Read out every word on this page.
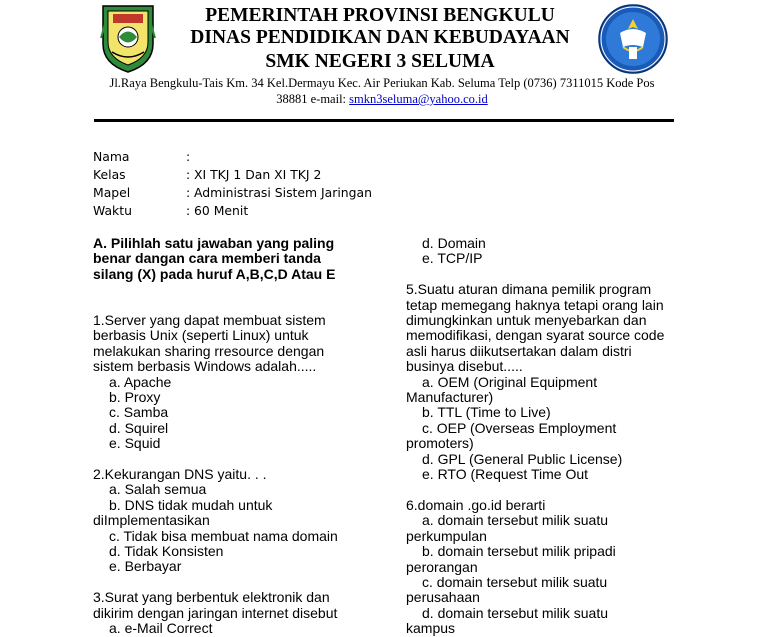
PEMERINTAH PROVINSI BENGKULU
DINAS PENDIDIKAN DAN KEBUDAYAAN
SMK NEGERI 3 SELUMA
Jl.Raya Bengkulu-Tais Km. 34 Kel.Dermayu Kec. Air Periukan Kab. Seluma Telp (0736) 7311015 Kode Pos
38881 e-mail: smkn3seluma@yahoo.co.id
Nama	:
Kelas	: XI TKJ 1 Dan XI TKJ 2
Mapel	: Administrasi Sistem Jaringan
Waktu	: 60 Menit
A. Pilihlah satu jawaban yang paling
benar dangan cara memberi tanda
silang (X) pada huruf A,B,C,D Atau E
1.Server yang dapat membuat sistem
berbasis Unix (seperti Linux) untuk
melakukan sharing rresource dengan
sistem berbasis Windows adalah.....
a. Apache
b. Proxy
c. Samba
d. Squirel
e. Squid
2.Kekurangan DNS yaitu. . .
a. Salah semua
b. DNS tidak mudah untuk
diImplementasikan
c. Tidak bisa membuat nama domain
d. Tidak Konsisten
e. Berbayar
3.Surat yang berbentuk elektronik dan
dikirim dengan jaringan internet disebut
a. e-Mail Correct
d. Domain
e. TCP/IP
5.Suatu aturan dimana pemilik program
tetap memegang haknya tetapi orang lain
dimungkinkan untuk menyebarkan dan
memodifikasi, dengan syarat source code
asli harus diikutsertakan dalam distri
businya disebut.....
a. OEM (Original Equipment
Manufacturer)
b. TTL (Time to Live)
c. OEP (Overseas Employment
promoters)
d. GPL (General Public License)
e. RTO (Request Time Out
6.domain .go.id berarti
a. domain tersebut milik suatu
perkumpulan
b. domain tersebut milik pripadi
perorangan
c. domain tersebut milik suatu
perusahaan
d. domain tersebut milik suatu
kampus
